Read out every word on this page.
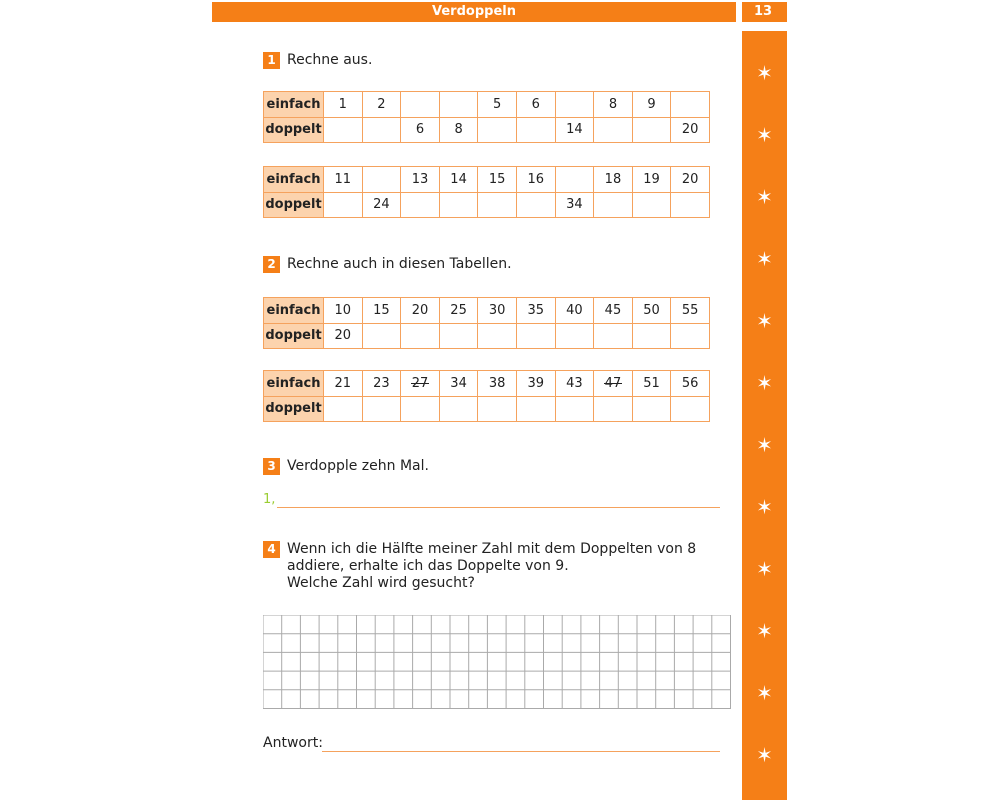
Verdoppeln	13
✶
✶
✶
✶
✶
✶
✶
✶
✶
✶
✶
✶
1 Rechne aus.
einfach	1	2			5	6		8	9	
doppelt			6	8			14			20
einfach	11		13	14	15	16		18	19	20
doppelt		24					34			
2 Rechne auch in diesen Tabellen.
einfach	10	15	20	25	30	35	40	45	50	55
doppelt	20									
einfach	21	23	27	34	38	39	43	47	51	56
doppelt										
3 Verdopple zehn Mal.
1,
4 Wenn ich die Hälfte meiner Zahl mit dem Doppelten von 8
addiere, erhalte ich das Doppelte von 9.
Welche Zahl wird gesucht?
Antwort:
